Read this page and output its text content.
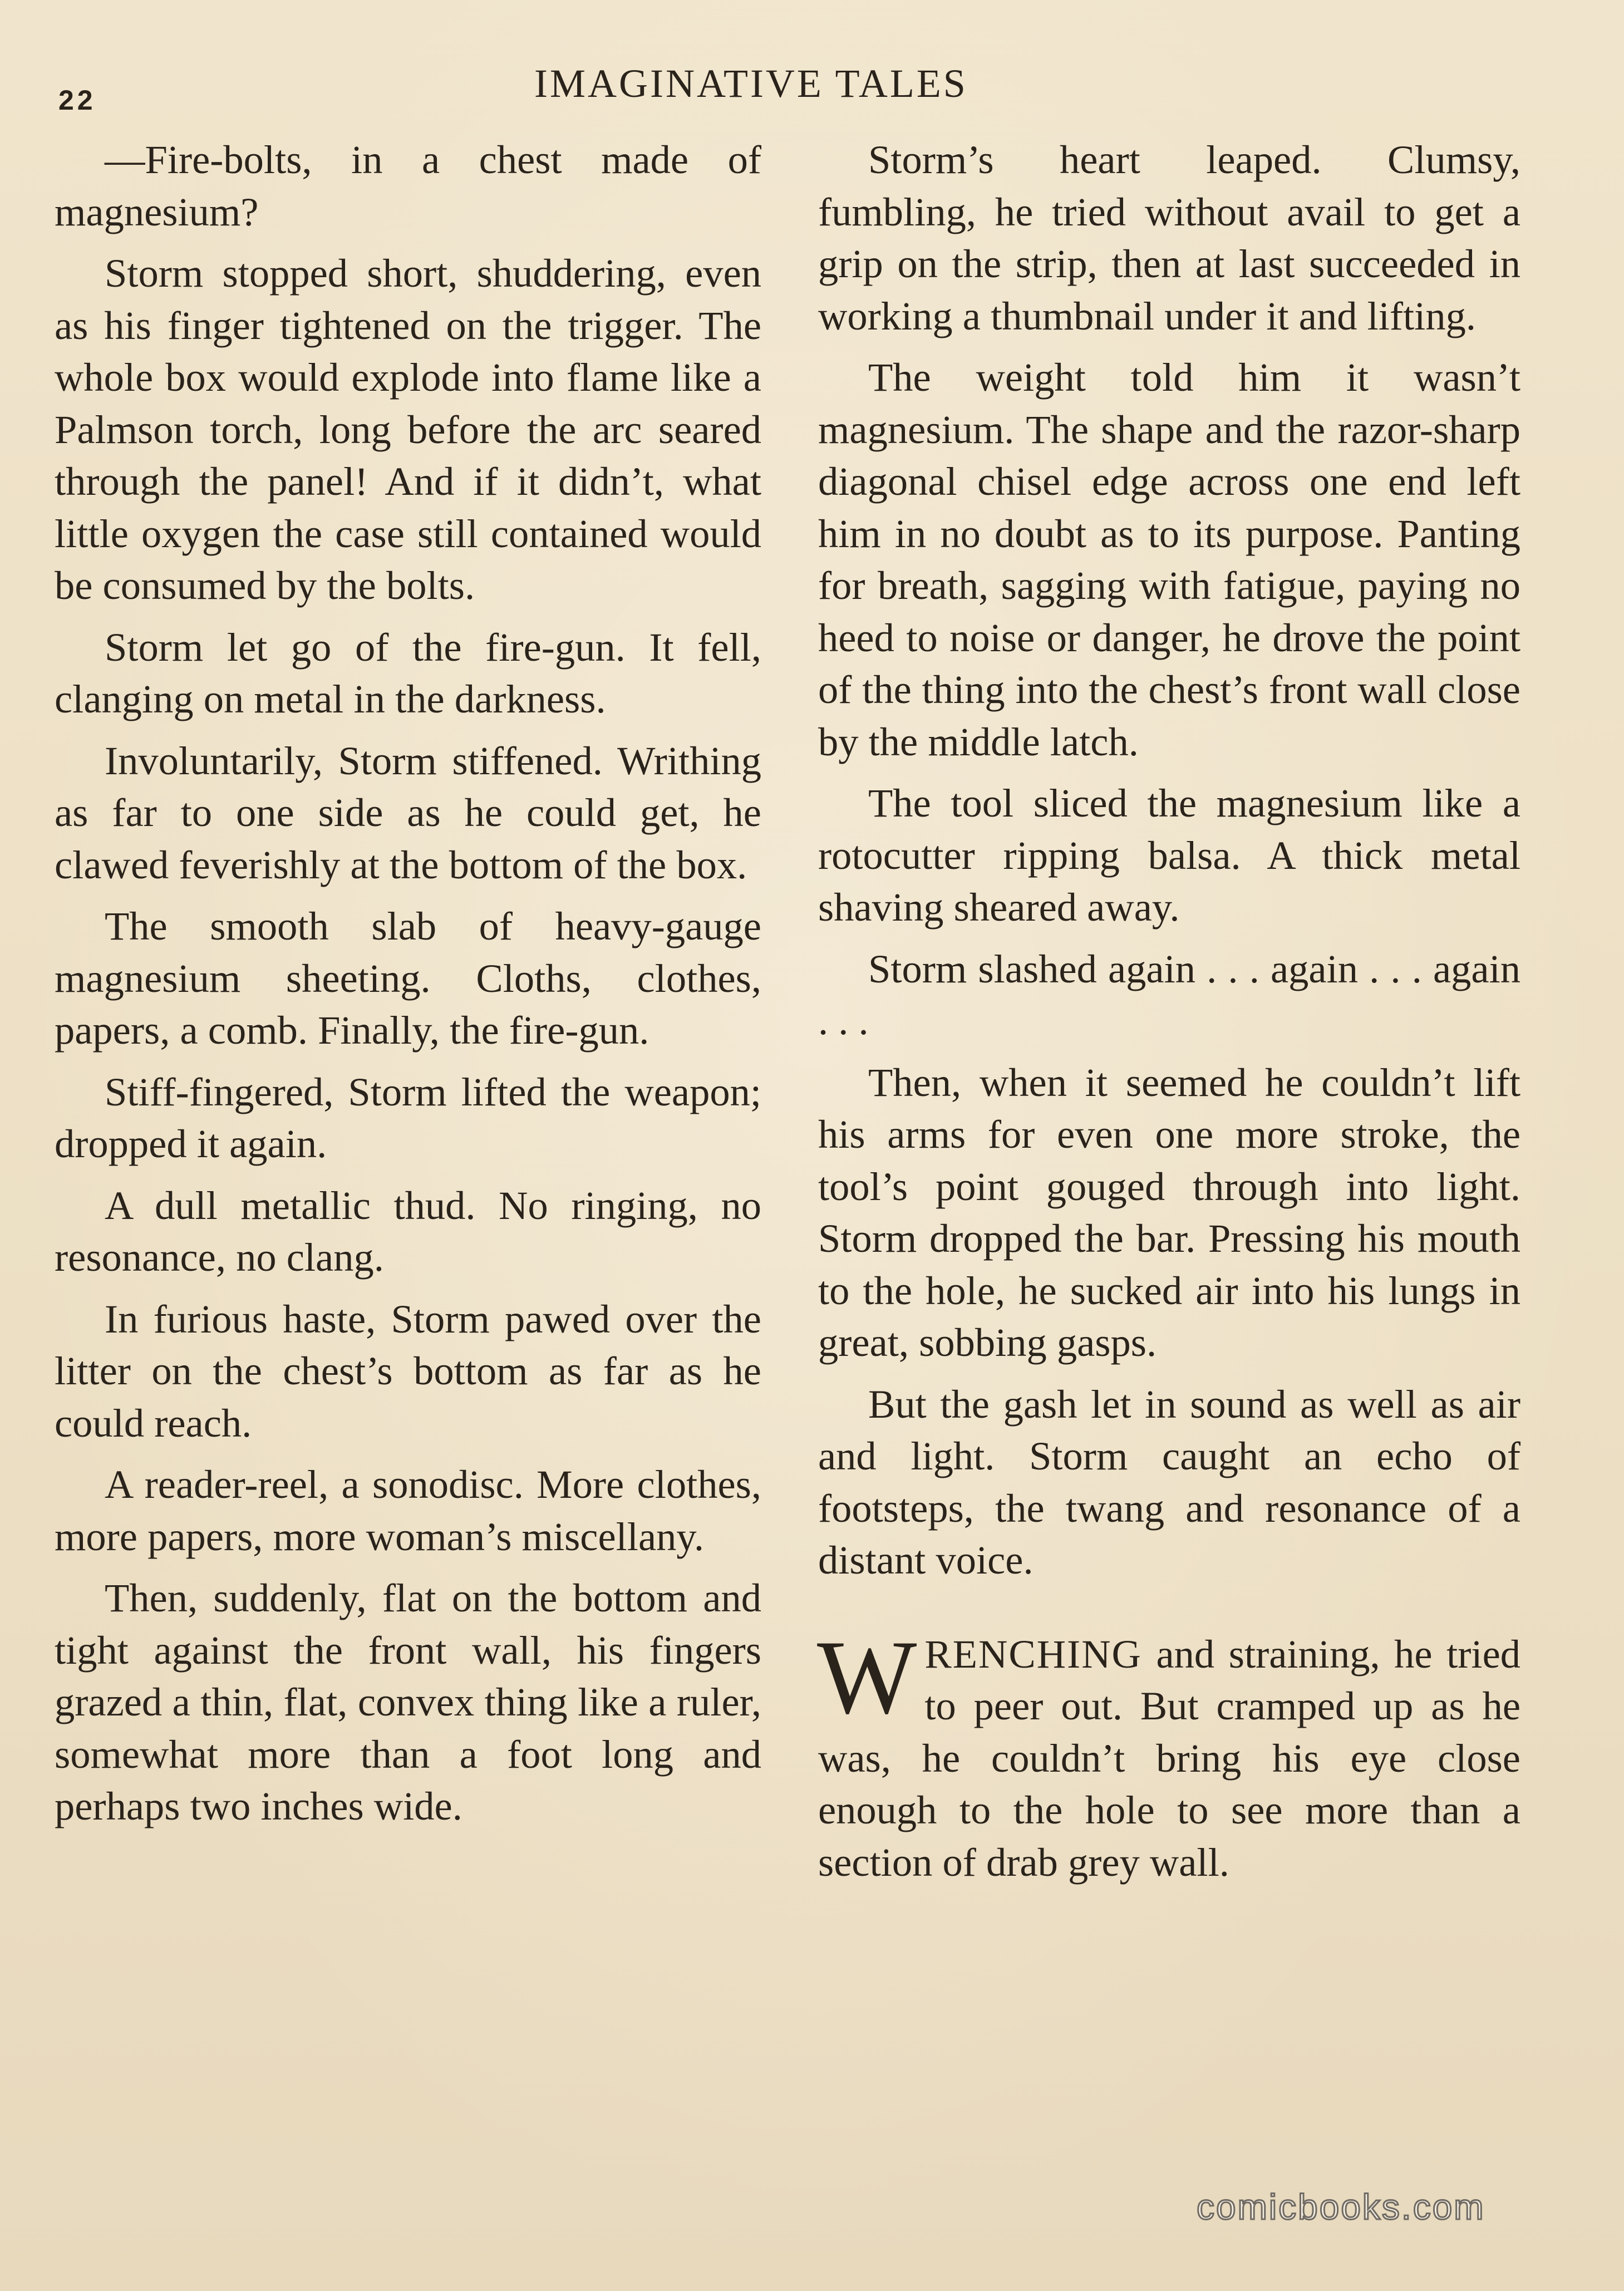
22	IMAGINATIVE TALES

—Fire-bolts, in a chest made of magnesium?

Storm stopped short, shuddering, even as his finger tightened on the trigger. The whole box would explode into flame like a Palmson torch, long before the arc seared through the panel! And if it didn’t, what little oxygen the case still contained would be consumed by the bolts.

Storm let go of the fire-gun. It fell, clanging on metal in the darkness.

Involuntarily, Storm stiffened. Writhing as far to one side as he could get, he clawed feverishly at the bottom of the box.

The smooth slab of heavy-gauge magnesium sheeting. Cloths, clothes, papers, a comb. Finally, the fire-gun.

Stiff-fingered, Storm lifted the weapon; dropped it again.

A dull metallic thud. No ringing, no resonance, no clang.

In furious haste, Storm pawed over the litter on the chest’s bottom as far as he could reach.

A reader-reel, a sonodisc. More clothes, more papers, more woman’s miscellany.

Then, suddenly, flat on the bottom and tight against the front wall, his fingers grazed a thin, flat, convex thing like a ruler, somewhat more than a foot long and perhaps two inches wide.

Storm’s heart leaped. Clumsy, fumbling, he tried without avail to get a grip on the strip, then at last succeeded in working a thumbnail under it and lifting.

The weight told him it wasn’t magnesium. The shape and the razor-sharp diagonal chisel edge across one end left him in no doubt as to its purpose. Panting for breath, sagging with fatigue, paying no heed to noise or danger, he drove the point of the thing into the chest’s front wall close by the middle latch.

The tool sliced the magnesium like a rotocutter ripping balsa. A thick metal shaving sheared away.

Storm slashed again . . . again . . . again . . .

Then, when it seemed he couldn’t lift his arms for even one more stroke, the tool’s point gouged through into light. Storm dropped the bar. Pressing his mouth to the hole, he sucked air into his lungs in great, sobbing gasps.

But the gash let in sound as well as air and light. Storm caught an echo of footsteps, the twang and resonance of a distant voice.

WRENCHING and straining, he tried to peer out. But cramped up as he was, he couldn’t bring his eye close enough to the hole to see more than a section of drab grey wall.

comicbooks.com
